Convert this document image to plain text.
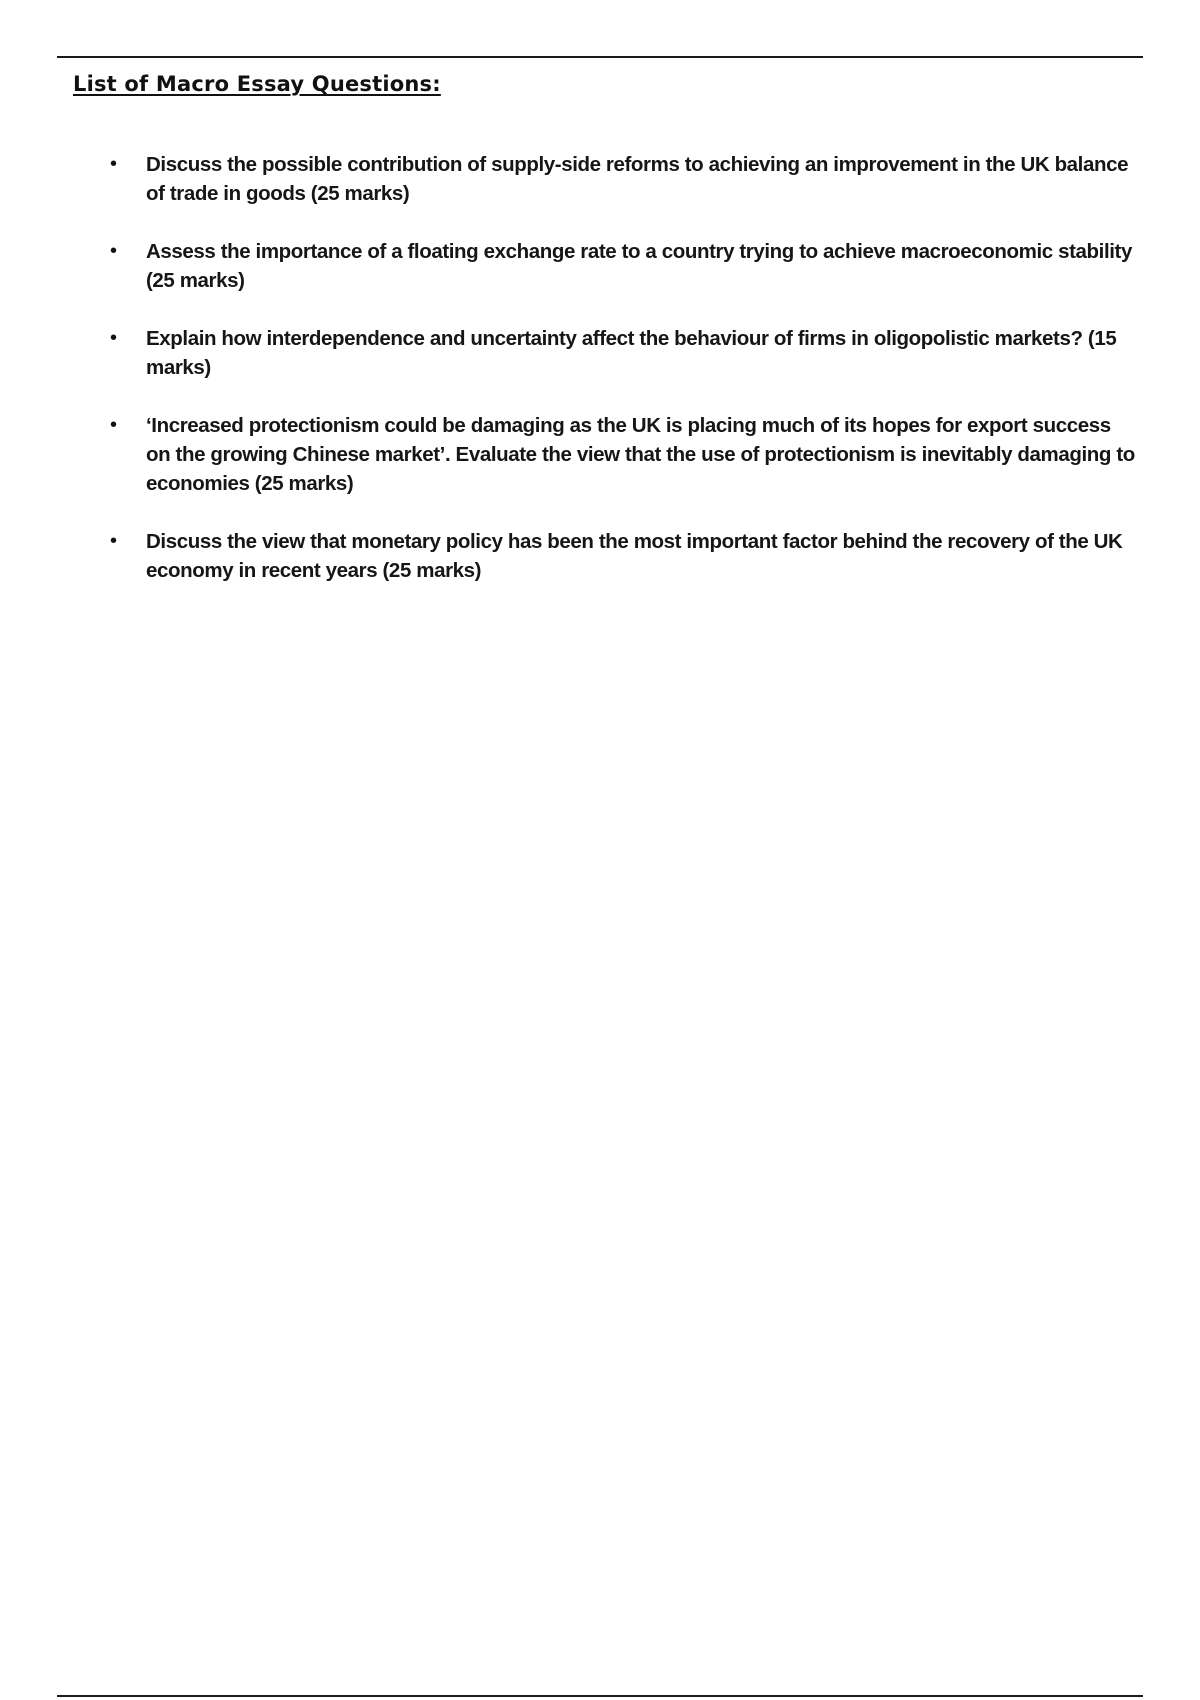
List of Macro Essay Questions:
• Discuss the possible contribution of supply-side reforms to achieving an improvement in the UK balance of trade in goods (25 marks)
• Assess the importance of a floating exchange rate to a country trying to achieve macroeconomic stability (25 marks)
• Explain how interdependence and uncertainty affect the behaviour of firms in oligopolistic markets? (15 marks)
• ‘Increased protectionism could be damaging as the UK is placing much of its hopes for export success on the growing Chinese market’. Evaluate the view that the use of protectionism is inevitably damaging to economies (25 marks)
• Discuss the view that monetary policy has been the most important factor behind the recovery of the UK economy in recent years (25 marks)
